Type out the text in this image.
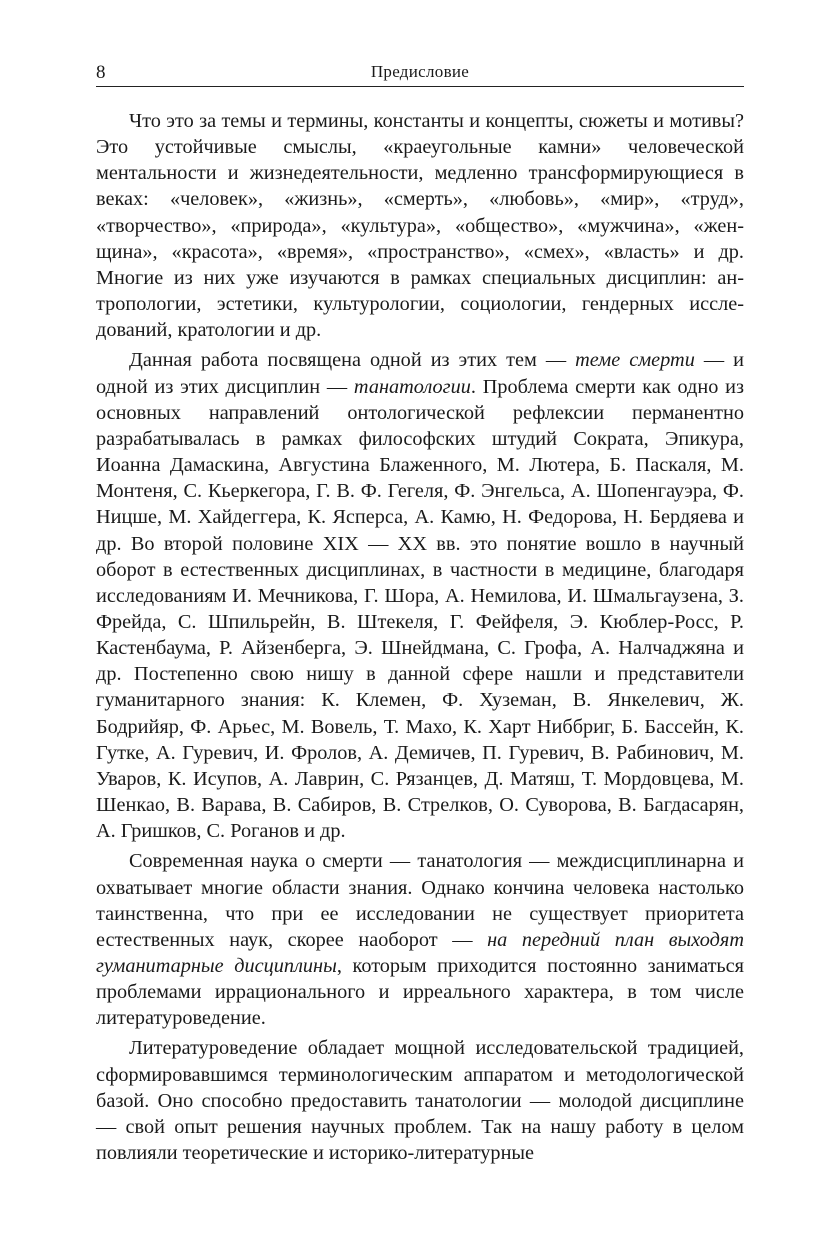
8	Предисловие

Что это за темы и термины, константы и концепты, сюжеты и мотивы? Это устойчивые смыслы, «краеугольные камни» человеческой ментальности и жизнедеятельности, медленно трансформирующиеся в веках: «человек», «жизнь», «смерть», «любовь», «мир», «труд», «творчество», «природа», «культура», «общество», «мужчина», «женщина», «красота», «время», «пространство», «смех», «власть» и др. Многие из них уже изучаются в рамках специальных дисциплин: антропологии, эстетики, культурологии, социологии, гендерных исследований, кратологии и др.

Данная работа посвящена одной из этих тем — теме смерти — и одной из этих дисциплин — танатологии. Проблема смерти как одно из основных направлений онтологической рефлексии перманентно разрабатывалась в рамках философских штудий Сократа, Эпикура, Иоанна Дамаскина, Августина Блаженного, М. Лютера, Б. Паскаля, М. Монтеня, С. Кьеркегора, Г. В. Ф. Гегеля, Ф. Энгельса, А. Шопенгауэра, Ф. Ницше, М. Хайдеггера, К. Ясперса, А. Камю, Н. Федорова, Н. Бердяева и др. Во второй половине XIX — XX вв. это понятие вошло в научный оборот в естественных дисциплинах, в частности в медицине, благодаря исследованиям И. Мечникова, Г. Шора, А. Немилова, И. Шмальгаузена, З. Фрейда, С. Шпильрейн, В. Штекеля, Г. Фейфеля, Э. Кюблер-Росс, Р. Кастенбаума, Р. Айзенберга, Э. Шнейдмана, С. Грофа, А. Налчаджяна и др. Постепенно свою нишу в данной сфере нашли и представители гуманитарного знания: К. Клемен, Ф. Хуземан, В. Янкелевич, Ж. Бодрийяр, Ф. Арьес, М. Вовель, Т. Махо, К. Харт Ниббриг, Б. Бассейн, К. Гутке, А. Гуревич, И. Фролов, А. Демичев, П. Гуревич, В. Рабинович, М. Уваров, К. Исупов, А. Лаврин, С. Рязанцев, Д. Матяш, Т. Мордовцева, М. Шенкао, В. Варава, В. Сабиров, В. Стрелков, О. Суворова, В. Багдасарян, А. Гришков, С. Роганов и др.

Современная наука о смерти — танатология — междисциплинарна и охватывает многие области знания. Однако кончина человека настолько таинственна, что при ее исследовании не существует приоритета естественных наук, скорее наоборот — на передний план выходят гуманитарные дисциплины, которым приходится постоянно заниматься проблемами иррационального и ирреального характера, в том числе литературоведение.

Литературоведение обладает мощной исследовательской традицией, сформировавшимся терминологическим аппаратом и методологической базой. Оно способно предоставить танатологии — молодой дисциплине — свой опыт решения научных проблем. Так на нашу работу в целом повлияли теоретические и историко-литературные
